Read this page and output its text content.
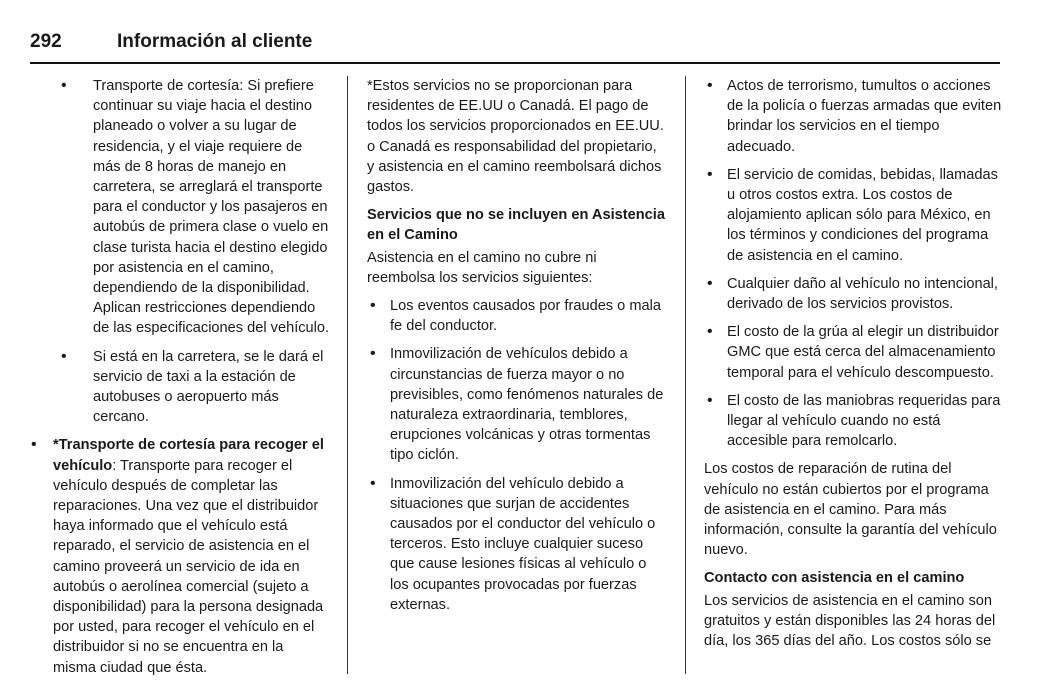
292	Información al cliente
• Transporte de cortesía: Si prefiere continuar su viaje hacia el destino planeado o volver a su lugar de residencia, y el viaje requiere de más de 8 horas de manejo en carretera, se arreglará el transporte para el conductor y los pasajeros en autobús de primera clase o vuelo en clase turista hacia el destino elegido por asistencia en el camino, dependiendo de la disponibilidad. Aplican restricciones dependiendo de las especificaciones del vehículo.
• Si está en la carretera, se le dará el servicio de taxi a la estación de autobuses o aeropuerto más cercano.
• *Transporte de cortesía para recoger el vehículo: Transporte para recoger el vehículo después de completar las reparaciones. Una vez que el distribuidor haya informado que el vehículo está reparado, el servicio de asistencia en el camino proveerá un servicio de ida en autobús o aerolínea comercial (sujeto a disponibilidad) para la persona designada por usted, para recoger el vehículo en el distribuidor si no se encuentra en la misma ciudad que ésta.

*Estos servicios no se proporcionan para residentes de EE.UU o Canadá. El pago de todos los servicios proporcionados en EE.UU. o Canadá es responsabilidad del propietario, y asistencia en el camino reembolsará dichos gastos.

Servicios que no se incluyen en Asistencia en el Camino

Asistencia en el camino no cubre ni reembolsa los servicios siguientes:

• Los eventos causados por fraudes o mala fe del conductor.
• Inmovilización de vehículos debido a circunstancias de fuerza mayor o no previsibles, como fenómenos naturales de naturaleza extraordinaria, temblores, erupciones volcánicas y otras tormentas tipo ciclón.
• Inmovilización del vehículo debido a situaciones que surjan de accidentes causados por el conductor del vehículo o terceros. Esto incluye cualquier suceso que cause lesiones físicas al vehículo o los ocupantes provocadas por fuerzas externas.
• Actos de terrorismo, tumultos o acciones de la policía o fuerzas armadas que eviten brindar los servicios en el tiempo adecuado.
• El servicio de comidas, bebidas, llamadas u otros costos extra. Los costos de alojamiento aplican sólo para México, en los términos y condiciones del programa de asistencia en el camino.
• Cualquier daño al vehículo no intencional, derivado de los servicios provistos.
• El costo de la grúa al elegir un distribuidor GMC que está cerca del almacenamiento temporal para el vehículo descompuesto.
• El costo de las maniobras requeridas para llegar al vehículo cuando no está accesible para remolcarlo.

Los costos de reparación de rutina del vehículo no están cubiertos por el programa de asistencia en el camino. Para más información, consulte la garantía del vehículo nuevo.

Contacto con asistencia en el camino

Los servicios de asistencia en el camino son gratuitos y están disponibles las 24 horas del día, los 365 días del año. Los costos sólo se
